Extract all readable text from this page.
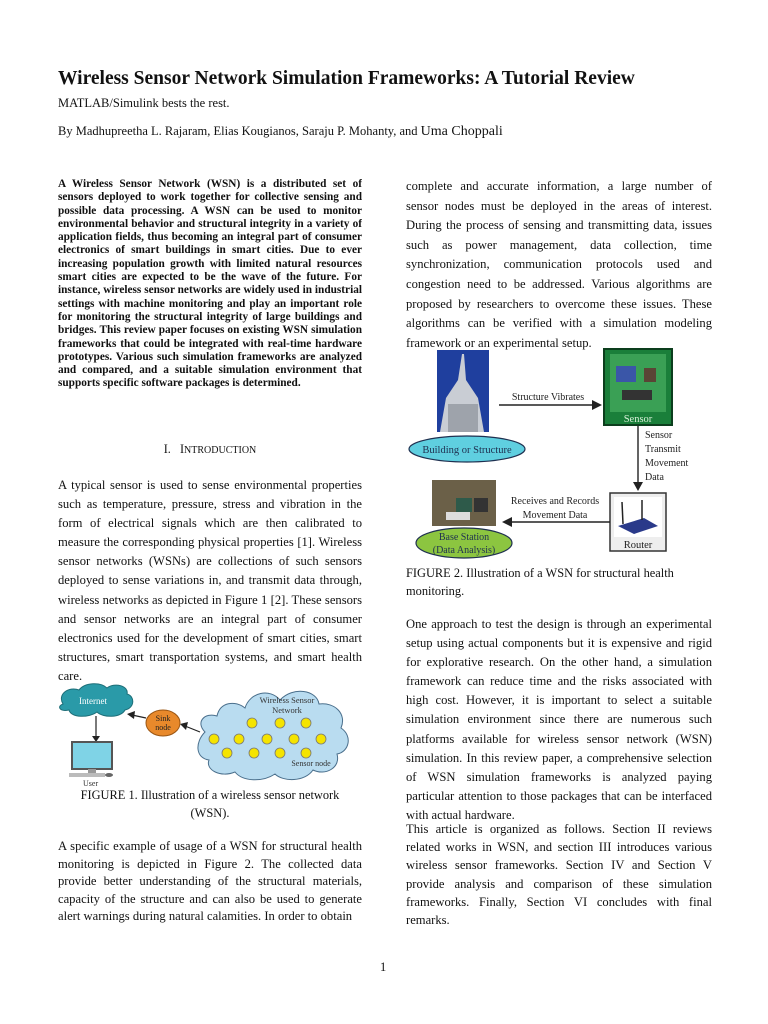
Wireless Sensor Network Simulation Frameworks: A Tutorial Review
MATLAB/Simulink bests the rest.
By Madhupreetha L. Rajaram, Elias Kougianos, Saraju P. Mohanty, and Uma Choppali
A Wireless Sensor Network (WSN) is a distributed set of
sensors deployed to work together for collective sensing and
possible data processing. A WSN can be used to monitor
environmental behavior and structural integrity in a variety of
application fields, thus becoming an integral part of consumer
electronics of smart buildings in smart cities. Due to ever
increasing population growth with limited natural resources
smart cities are expected to be the wave of the future. For
instance, wireless sensor networks are widely used in industrial
settings with machine monitoring and play an important role
for monitoring the structural integrity of large buildings and
bridges. This review paper focuses on existing WSN simulation
frameworks that could be integrated with real-time hardware
prototypes. Various such simulation frameworks are analyzed
and compared, and a suitable simulation environment that
supports specific software packages is determined.
I. INTRODUCTION
A typical sensor is used to sense environmental properties
such as temperature, pressure, stress and vibration in the
form of electrical signals which are then calibrated to
measure the corresponding physical properties [1]. Wireless
sensor networks (WSNs) are collections of such sensors
deployed to sense variations in, and transmit data through,
wireless networks as depicted in Figure 1 [2]. These sensors
and sensor networks are an integral part of consumer
electronics used for the development of smart cities, smart
structures, smart transportation systems, and smart health
care.
Internet
User
Sink
node
Wireless Sensor
Network
Sensor node
FIGURE 1. Illustration of a wireless sensor network
(WSN).
A specific example of usage of a WSN for structural health
monitoring is depicted in Figure 2. The collected data
provide better understanding of the structural materials,
capacity of the structure and can also be used to generate
alert warnings during natural calamities. In order to obtain
complete and accurate information, a large number of
sensor nodes must be deployed in the areas of interest.
During the process of sensing and transmitting data, issues
such as power management, data collection, time
synchronization, communication protocols used and
congestion need to be addressed. Various algorithms are
proposed by researchers to overcome these issues. These
algorithms can be verified with a simulation modeling
framework or an experimental setup.
Building or Structure
Structure Vibrates
Sensor
Sensor
Transmit
Movement
Data
Router
Receives and Records
Movement Data
Base Station
(Data Analysis)
FIGURE 2. Illustration of a WSN for structural health
monitoring.
One approach to test the design is through an experimental
setup using actual components but it is expensive and rigid
for explorative research. On the other hand, a simulation
framework can reduce time and the risks associated with
high cost. However, it is important to select a suitable
simulation environment since there are numerous such
platforms available for wireless sensor network (WSN)
simulation. In this review paper, a comprehensive selection
of WSN simulation frameworks is analyzed paying
particular attention to those packages that can be interfaced
with actual hardware.
This article is organized as follows. Section II reviews
related works in WSN, and section III introduces various
wireless sensor frameworks. Section IV and Section V
provide analysis and comparison of these simulation
frameworks. Finally, Section VI concludes with final
remarks.
1
